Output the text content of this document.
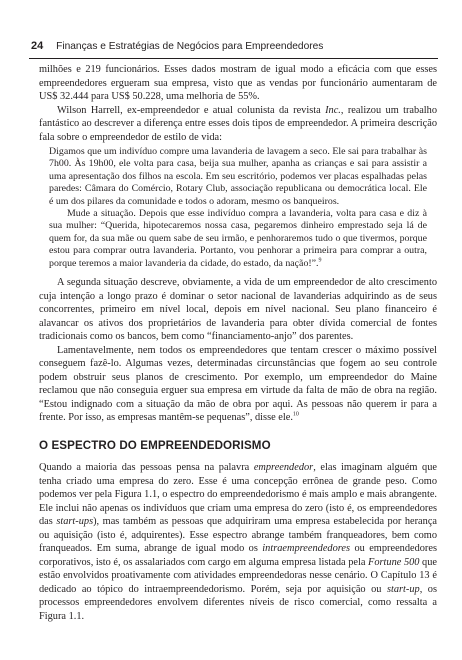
24 Finanças e Estratégias de Negócios para Empreendedores

milhões e 219 funcionários. Esses dados mostram de igual modo a eficácia com que esses empreendedores ergueram sua empresa, visto que as vendas por funcionário aumentaram de US$ 32.444 para US$ 50.228, uma melhoria de 55%.

Wilson Harrell, ex-empreendedor e atual colunista da revista Inc., realizou um trabalho fantástico ao descrever a diferença entre esses dois tipos de empreendedor. A primeira descrição fala sobre o empreendedor de estilo de vida:

Digamos que um indivíduo compre uma lavanderia de lavagem a seco. Ele sai para trabalhar às 7h00. Às 19h00, ele volta para casa, beija sua mulher, apanha as crianças e sai para assistir a uma apresentação dos filhos na escola. Em seu escritório, podemos ver placas espalhadas pelas paredes: Câmara do Comércio, Rotary Club, associação republicana ou democrática local. Ele é um dos pilares da comunidade e todos o adoram, mesmo os banqueiros.

Mude a situação. Depois que esse indivíduo compra a lavanderia, volta para casa e diz à sua mulher: “Querida, hipotecaremos nossa casa, pegaremos dinheiro emprestado seja lá de quem for, da sua mãe ou quem sabe de seu irmão, e penhoraremos tudo o que tivermos, porque estou para comprar outra lavanderia. Portanto, vou penhorar a primeira para comprar a outra, porque teremos a maior lavanderia da cidade, do estado, da nação!”.$^9$

A segunda situação descreve, obviamente, a vida de um empreendedor de alto crescimento cuja intenção a longo prazo é dominar o setor nacional de lavanderias adquirindo as de seus concorrentes, primeiro em nível local, depois em nível nacional. Seu plano financeiro é alavancar os ativos dos proprietários de lavanderia para obter dívida comercial de fontes tradicionais como os bancos, bem como “financiamento-anjo” dos parentes.

Lamentavelmente, nem todos os empreendedores que tentam crescer o máximo possível conseguem fazê-lo. Algumas vezes, determinadas circunstâncias que fogem ao seu controle podem obstruir seus planos de crescimento. Por exemplo, um empreendedor do Maine reclamou que não conseguia erguer sua empresa em virtude da falta de mão de obra na região. “Estou indignado com a situação da mão de obra por aqui. As pessoas não querem ir para a frente. Por isso, as empresas mantêm-se pequenas”, disse ele.$^{10}$

O ESPECTRO DO EMPREENDEDORISMO

Quando a maioria das pessoas pensa na palavra empreendedor, elas imaginam alguém que tenha criado uma empresa do zero. Esse é uma concepção errônea de grande peso. Como podemos ver pela Figura 1.1, o espectro do empreendedorismo é mais amplo e mais abrangente. Ele inclui não apenas os indivíduos que criam uma empresa do zero (isto é, os empreendedores das start-ups), mas também as pessoas que adquiriram uma empresa estabelecida por herança ou aquisição (isto é, adquirentes). Esse espectro abrange também franqueadores, bem como franqueados. Em suma, abrange de igual modo os intraempreendedores ou empreendedores corporativos, isto é, os assalariados com cargo em alguma empresa listada pela Fortune 500 que estão envolvidos proativamente com atividades empreendedoras nesse cenário. O Capítulo 13 é dedicado ao tópico do intraempreendedorismo. Porém, seja por aquisição ou start-up, os processos empreendedores envolvem diferentes níveis de risco comercial, como ressalta a Figura 1.1.
